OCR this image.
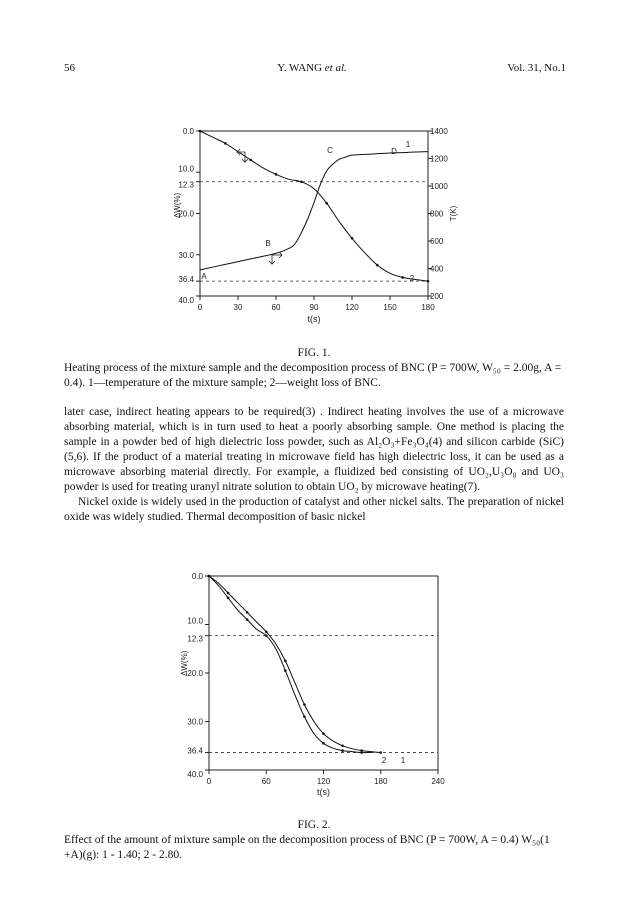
56	Y. WANG et al.	Vol. 31, No.1
0	30	60	90	120	150	180
t(s)
0.0
10.0
12.3
20.0
30.0
36.4
40.0
ΔW(%)
1400
1200
1000
800
600
400
200
T(K)
A
B
C	D
1
2
FIG. 1.
Heating process of the mixture sample and the decomposition process of BNC (P = 700W, W₅₀ = 2.00g, A = 0.4). 1—temperature of the mixture sample; 2—weight loss of BNC.

later case, indirect heating appears to be required(3) . Indirect heating involves the use of a microwave absorbing material, which is in turn used to heat a poorly absorbing sample. One method is placing the sample in a powder bed of high dielectric loss powder, such as Al₂O₃+Fe₃O₄(4) and silicon carbide (SiC)(5,6). If the product of a material treating in microwave field has high dielectric loss, it can be used as a microwave absorbing material directly. For example, a fluidized bed consisting of UO₂,U₃O₈ and UO₃ powder is used for treating uranyl nitrate solution to obtain UO₂ by microwave heating(7).

Nickel oxide is widely used in the production of catalyst and other nickel salts. The preparation of nickel oxide was widely studied. Thermal decomposition of basic nickel

0	60	120	180	240
t(s)
0.0
10.0
12.3
20.0
30.0
36.4
40.0
ΔW(%)
2 1
FIG. 2.
Effect of the amount of mixture sample on the decomposition process of BNC (P = 700W, A = 0.4) W₅₀(1 +A)(g): 1 - 1.40; 2 - 2.80.
